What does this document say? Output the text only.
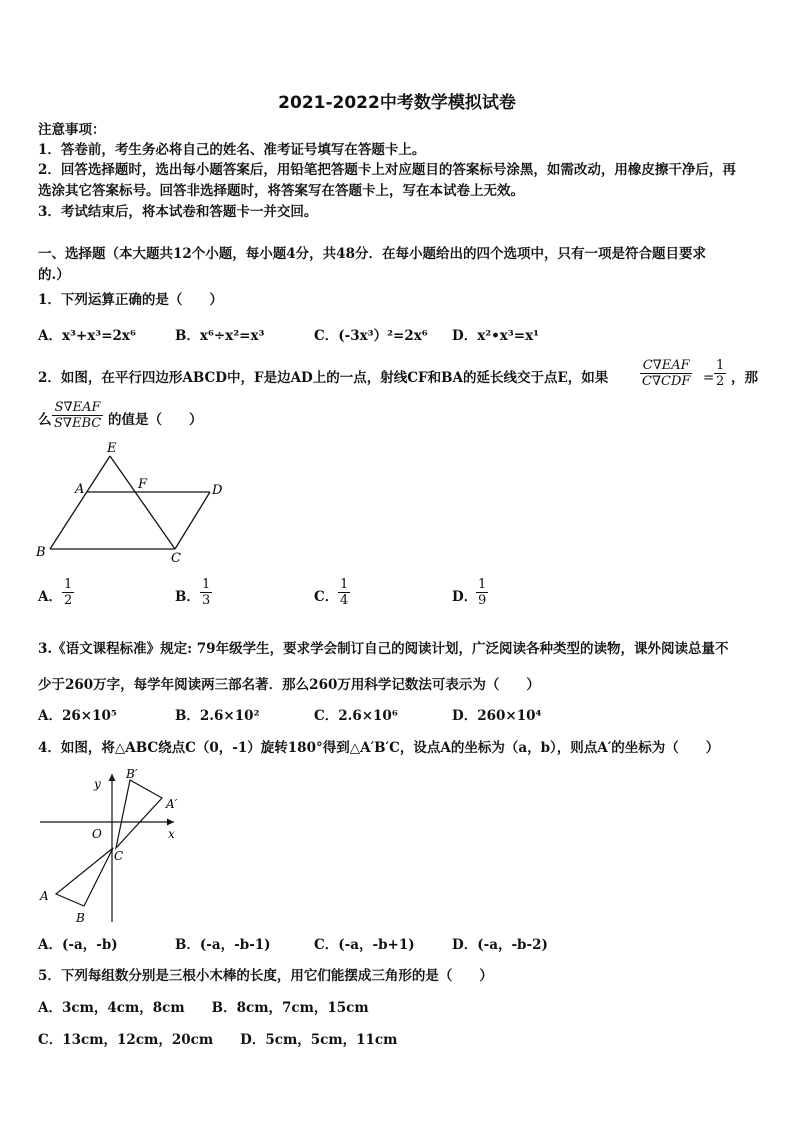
2021-2022中考数学模拟试卷
注意事项：
1．答卷前，考生务必将自己的姓名、准考证号填写在答题卡上。
2．回答选择题时，选出每小题答案后，用铅笔把答题卡上对应题目的答案标号涂黑，如需改动，用橡皮擦干净后，再
选涂其它答案标号。回答非选择题时，将答案写在答题卡上，写在本试卷上无效。
3．考试结束后，将本试卷和答题卡一并交回。
一、选择题（本大题共12个小题，每小题4分，共48分．在每小题给出的四个选项中，只有一项是符合题目要求
的.）
1．下列运算正确的是（　　）
A．x³+x³=2x⁶	B．x⁶÷x²=x³	C．(-3x³）²=2x⁶ D．x²•x³=x¹
2．如图，在平行四边形ABCD中，F是边AD上的一点，射线CF和BA的延长线交于点E，如果
C∇EAF
C∇CDF =
1
2 ，那
么
S∇EAF
S∇EBC 的值是（　　）
E
A	F	D
B	C
A．
1
2	B．
1
3	C．
1
4	D．
1
9
3.《语文课程标准》规定: 79年级学生，要求学会制订自己的阅读计划，广泛阅读各种类型的读物，课外阅读总量不
少于260万字，每学年阅读两三部名著．那么260万用科学记数法可表示为（　　）
A．26×10⁵	B．2.6×10²	C．2.6×10⁶	D．260×10⁴
4．如图，将△ABC绕点C（0，-1）旋转180°得到△A′B′C，设点A的坐标为（a，b），则点A′的坐标为（　　）
y
B′
A′
O	x
C
A
B
A．(-a，-b)	B．(-a，-b-1)	C．(-a，-b+1)	D．(-a，-b-2)
5．下列每组数分别是三根小木棒的长度，用它们能摆成三角形的是（　　）
A．3cm，4cm，8cm　　B．8cm，7cm，15cm
C．13cm，12cm，20cm　　D．5cm，5cm，11cm
